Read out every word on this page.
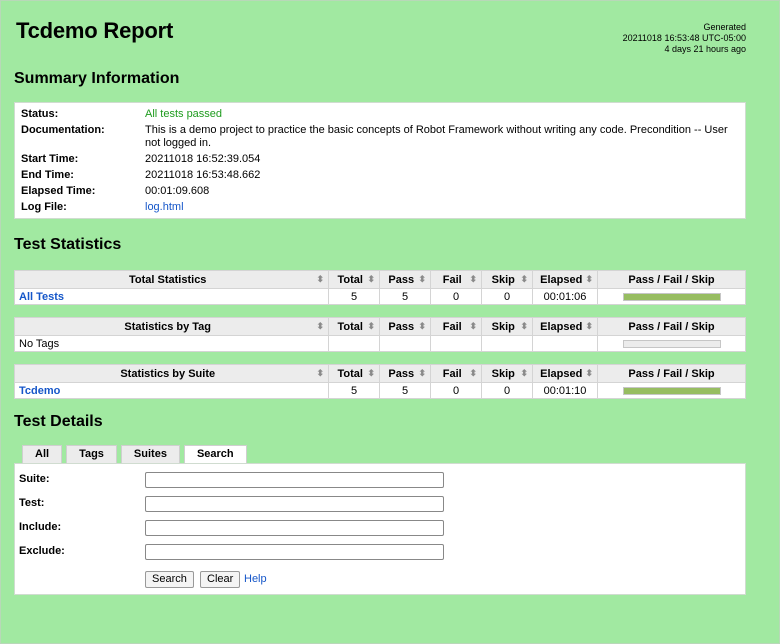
Tcdemo Report	Generated
20211018 16:53:48 UTC-05:00
4 days 21 hours ago
Summary Information
Status:	All tests passed
Documentation:	This is a demo project to practice the basic concepts of Robot Framework without writing any code. Precondition -- User not logged in.
Start Time:	20211018 16:52:39.054
End Time:	20211018 16:53:48.662
Elapsed Time:	00:01:09.608
Log File:	log.html
Test Statistics
Total Statistics ⬍	Total ⬍	Pass ⬍	Fail ⬍	Skip ⬍	Elapsed ⬍	Pass / Fail / Skip
All Tests	5	5	0	0	00:01:06	
Statistics by Tag ⬍	Total ⬍	Pass ⬍	Fail ⬍	Skip ⬍	Elapsed ⬍	Pass / Fail / Skip
No Tags						
Statistics by Suite ⬍	Total ⬍	Pass ⬍	Fail ⬍	Skip ⬍	Elapsed ⬍	Pass / Fail / Skip
Tcdemo	5	5	0	0	00:01:10	
Test Details
All	Tags	Suites	Search
Suite:
Test:
Include:
Exclude:
Search	Clear Help
